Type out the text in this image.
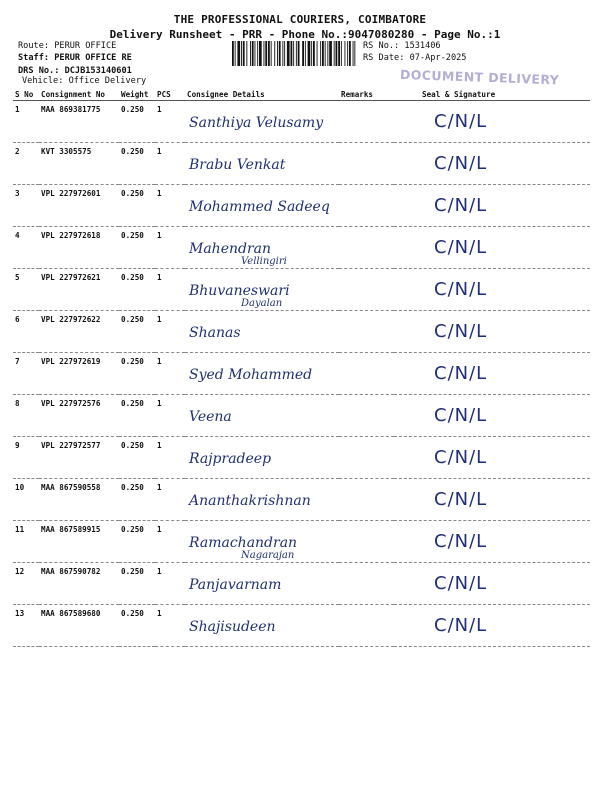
THE PROFESSIONAL COURIERS, COIMBATORE
Delivery Runsheet - PRR - Phone No.:9047080280 - Page No.:1
Route: PERUR OFFICE
Staff: PERUR OFFICE RE
DRS No.: DCJB153140601
Vehicle: Office Delivery
RS No.: 1531406
RS Date: 07-Apr-2025
DOCUMENT DELIVERY
S No	Consignment No	Weight	PCS	Consignee Details	Remarks	Seal & Signature
1	MAA 869381775	0.250	1	Santhiya Velusamy		C/N/L

2	KVT 3305575	0.250	1	Brabu Venkat		C/N/L

3	VPL 227972601	0.250	1	Mohammed Sadeeq		C/N/L

4	VPL 227972618	0.250	1	Mahendran
Vellingiri		C/N/L

5	VPL 227972621	0.250	1	Bhuvaneswari
Dayalan		C/N/L

6	VPL 227972622	0.250	1	Shanas		C/N/L

7	VPL 227972619	0.250	1	Syed Mohammed		C/N/L

8	VPL 227972576	0.250	1	Veena		C/N/L

9	VPL 227972577	0.250	1	Rajpradeep		C/N/L

10	MAA 867590558	0.250	1	Ananthakrishnan		C/N/L

11	MAA 867589915	0.250	1	Ramachandran
Nagarajan		C/N/L

12	MAA 867590782	0.250	1	Panjavarnam		C/N/L

13	MAA 867589680	0.250	1	Shajisudeen		C/N/L
